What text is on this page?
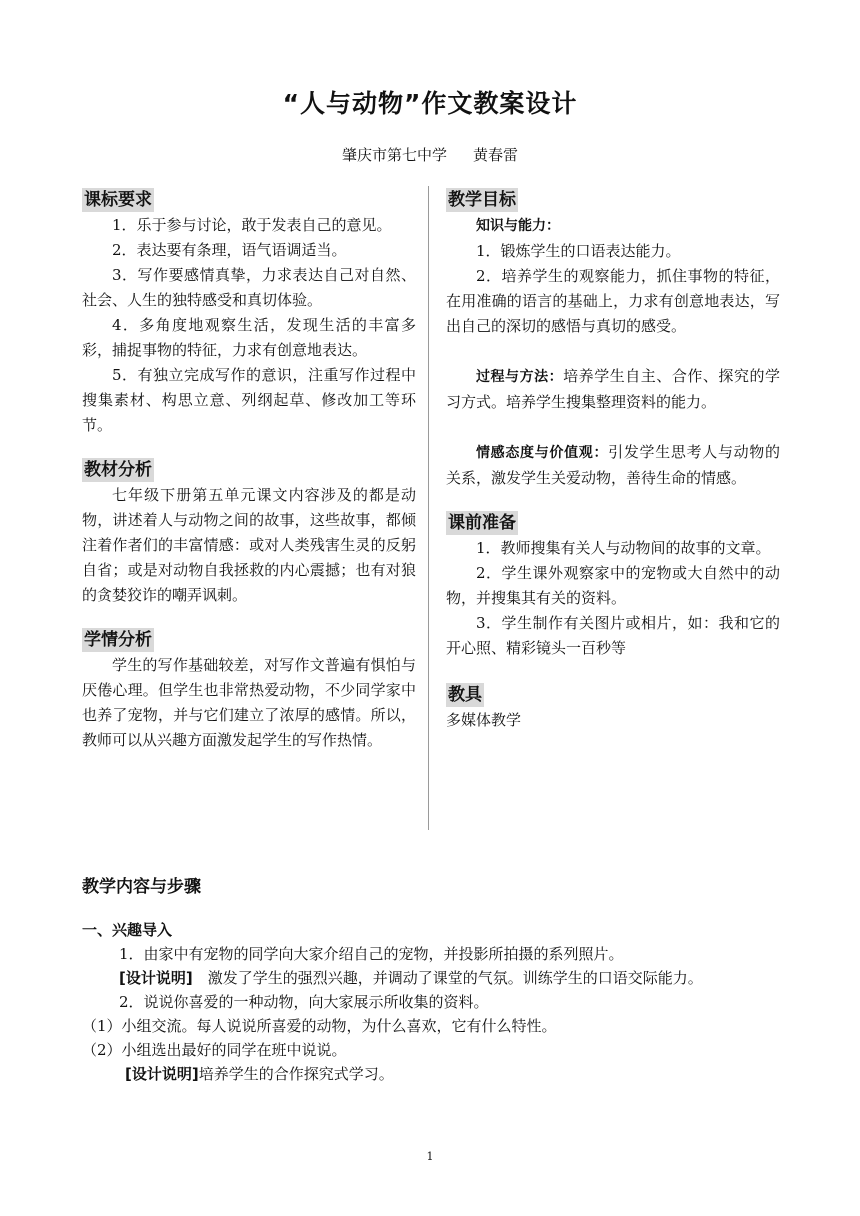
“人与动物”作文教案设计
肇庆市第七中学 黄春雷
课标要求

1．乐于参与讨论，敢于发表自己的意见。

2．表达要有条理，语气语调适当。

3．写作要感情真挚，力求表达自己对自然、社会、人生的独特感受和真切体验。

4．多角度地观察生活，发现生活的丰富多彩，捕捉事物的特征，力求有创意地表达。

5．有独立完成写作的意识，注重写作过程中搜集素材、构思立意、列纲起草、修改加工等环节。

教材分析

七年级下册第五单元课文内容涉及的都是动物，讲述着人与动物之间的故事，这些故事，都倾注着作者们的丰富情感：或对人类残害生灵的反躬自省；或是对动物自我拯救的内心震撼；也有对狼的贪婪狡诈的嘲弄讽刺。

学情分析

学生的写作基础较差，对写作文普遍有惧怕与厌倦心理。但学生也非常热爱动物，不少同学家中也养了宠物，并与它们建立了浓厚的感情。所以，教师可以从兴趣方面激发起学生的写作热情。

教学目标

知识与能力：

1．锻炼学生的口语表达能力。

2．培养学生的观察能力，抓住事物的特征，在用准确的语言的基础上，力求有创意地表达，写出自己的深切的感悟与真切的感受。

过程与方法：培养学生自主、合作、探究的学习方式。培养学生搜集整理资料的能力。

情感态度与价值观：引发学生思考人与动物的关系，激发学生关爱动物，善待生命的情感。

课前准备

1．教师搜集有关人与动物间的故事的文章。

2．学生课外观察家中的宠物或大自然中的动物，并搜集其有关的资料。

3．学生制作有关图片或相片，如：我和它的开心照、精彩镜头一百秒等

教具

多媒体教学

教学内容与步骤

一、兴趣导入

1．由家中有宠物的同学向大家介绍自己的宠物，并投影所拍摄的系列照片。

[设计说明]　激发了学生的强烈兴趣，并调动了课堂的气氛。训练学生的口语交际能力。

2．说说你喜爱的一种动物，向大家展示所收集的资料。

（1）小组交流。每人说说所喜爱的动物，为什么喜欢，它有什么特性。

（2）小组选出最好的同学在班中说说。

[设计说明]培养学生的合作探究式学习。

1
